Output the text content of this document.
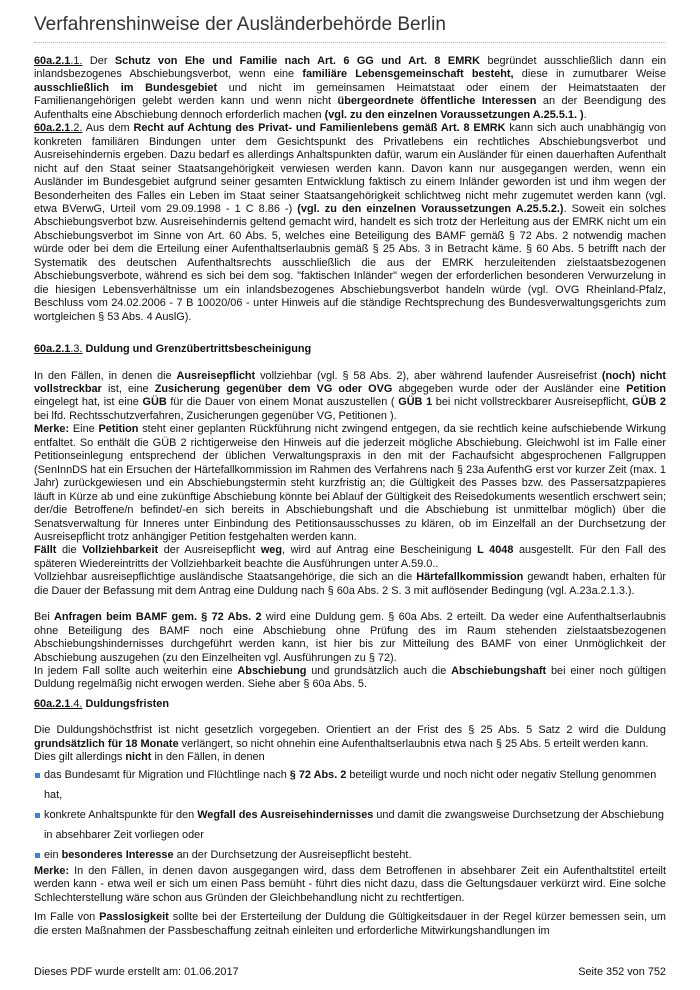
Verfahrenshinweise der Ausländerbehörde Berlin

60a.2.1.1. Der Schutz von Ehe und Familie nach Art. 6 GG und Art. 8 EMRK begründet ausschließlich dann ein inlandsbezogenes Abschiebungsverbot, wenn eine familiäre Lebensgemeinschaft besteht, diese in zumutbarer Weise ausschließlich im Bundesgebiet und nicht im gemeinsamen Heimatstaat oder einem der Heimatstaaten der Familienangehörigen gelebt werden kann und wenn nicht übergeordnete öffentliche Interessen an der Beendigung des Aufenthalts eine Abschiebung dennoch erforderlich machen (vgl. zu den einzelnen Voraussetzungen A.25.5.1. ).

60a.2.1.2. Aus dem Recht auf Achtung des Privat- und Familienlebens gemäß Art. 8 EMRK kann sich auch unabhängig von konkreten familiären Bindungen unter dem Gesichtspunkt des Privatlebens ein rechtliches Abschiebungsverbot und Ausreisehindernis ergeben. Dazu bedarf es allerdings Anhaltspunkten dafür, warum ein Ausländer für einen dauerhaften Aufenthalt nicht auf den Staat seiner Staatsangehörigkeit verwiesen werden kann. Davon kann nur ausgegangen werden, wenn ein Ausländer im Bundesgebiet aufgrund seiner gesamten Entwicklung faktisch zu einem Inländer geworden ist und ihm wegen der Besonderheiten des Falles ein Leben im Staat seiner Staatsangehörigkeit schlichtweg nicht mehr zugemutet werden kann (vgl. etwa BVerwG, Urteil vom 29.09.1998 - 1 C 8.86 -) (vgl. zu den einzelnen Voraussetzungen A.25.5.2.). Soweit ein solches Abschiebungsverbot bzw. Ausreisehindernis geltend gemacht wird, handelt es sich trotz der Herleitung aus der EMRK nicht um ein Abschiebungsverbot im Sinne von Art. 60 Abs. 5, welches eine Beteiligung des BAMF gemäß § 72 Abs. 2 notwendig machen würde oder bei dem die Erteilung einer Aufenthaltserlaubnis gemäß § 25 Abs. 3 in Betracht käme. § 60 Abs. 5 betrifft nach der Systematik des deutschen Aufenthaltsrechts ausschließlich die aus der EMRK herzuleitenden zielstaatsbezogenen Abschiebungsverbote, während es sich bei dem sog. "faktischen Inländer" wegen der erforderlichen besonderen Verwurzelung in die hiesigen Lebensverhältnisse um ein inlandsbezogenes Abschiebungsverbot handeln würde (vgl. OVG Rheinland-Pfalz, Beschluss vom 24.02.2006 - 7 B 10020/06 - unter Hinweis auf die ständige Rechtsprechung des Bundesverwaltungsgerichts zum wortgleichen § 53 Abs. 4 AuslG).

60a.2.1.3. Duldung und Grenzübertrittsbescheinigung

In den Fällen, in denen die Ausreisepflicht vollziehbar (vgl. § 58 Abs. 2), aber während laufender Ausreisefrist (noch) nicht vollstreckbar ist, eine Zusicherung gegenüber dem VG oder OVG abgegeben wurde oder der Ausländer eine Petition eingelegt hat, ist eine GÜB für die Dauer von einem Monat auszustellen ( GÜB 1 bei nicht vollstreckbarer Ausreisepflicht, GÜB 2 bei lfd. Rechtsschutzverfahren, Zusicherungen gegenüber VG, Petitionen ).

Merke: Eine Petition steht einer geplanten Rückführung nicht zwingend entgegen, da sie rechtlich keine aufschiebende Wirkung entfaltet. So enthält die GÜB 2 richtigerweise den Hinweis auf die jederzeit mögliche Abschiebung. Gleichwohl ist im Falle einer Petitionseinlegung entsprechend der üblichen Verwaltungspraxis in den mit der Fachaufsicht abgesprochenen Fallgruppen (SenInnDS hat ein Ersuchen der Härtefallkommission im Rahmen des Verfahrens nach § 23a AufenthG erst vor kurzer Zeit (max. 1 Jahr) zurückgewiesen und ein Abschiebungstermin steht kurzfristig an; die Gültigkeit des Passes bzw. des Passersatzpapieres läuft in Kürze ab und eine zukünftige Abschiebung könnte bei Ablauf der Gültigkeit des Reisedokuments wesentlich erschwert sein; der/die Betroffene/n befindet/-en sich bereits in Abschiebungshaft und die Abschiebung ist unmittelbar möglich) über die Senatsverwaltung für Inneres unter Einbindung des Petitionsausschusses zu klären, ob im Einzelfall an der Durchsetzung der Ausreisepflicht trotz anhängiger Petition festgehalten werden kann.

Fällt die Vollziehbarkeit der Ausreisepflicht weg, wird auf Antrag eine Bescheinigung L 4048 ausgestellt. Für den Fall des späteren Wiedereintritts der Vollziehbarkeit beachte die Ausführungen unter A.59.0..

Vollziehbar ausreisepflichtige ausländische Staatsangehörige, die sich an die Härtefallkommission gewandt haben, erhalten für die Dauer der Befassung mit dem Antrag eine Duldung nach § 60a Abs. 2 S. 3 mit auflösender Bedingung (vgl. A.23a.2.1.3.).

Bei Anfragen beim BAMF gem. § 72 Abs. 2 wird eine Duldung gem. § 60a Abs. 2 erteilt. Da weder eine Aufenthaltserlaubnis ohne Beteiligung des BAMF noch eine Abschiebung ohne Prüfung des im Raum stehenden zielstaatsbezogenen Abschiebungshindernisses durchgeführt werden kann, ist hier bis zur Mitteilung des BAMF von einer Unmöglichkeit der Abschiebung auszugehen (zu den Einzelheiten vgl. Ausführungen zu § 72).

In jedem Fall sollte auch weiterhin eine Abschiebung und grundsätzlich auch die Abschiebungshaft bei einer noch gültigen Duldung regelmäßig nicht erwogen werden. Siehe aber § 60a Abs. 5.

60a.2.1.4. Duldungsfristen

Die Duldungshöchstfrist ist nicht gesetzlich vorgegeben. Orientiert an der Frist des § 25 Abs. 5 Satz 2 wird die Duldung grundsätzlich für 18 Monate verlängert, so nicht ohnehin eine Aufenthaltserlaubnis etwa nach § 25 Abs. 5 erteilt werden kann.

Dies gilt allerdings nicht in den Fällen, in denen

das Bundesamt für Migration und Flüchtlinge nach § 72 Abs. 2 beteiligt wurde und noch nicht oder negativ Stellung genommen hat,
konkrete Anhaltspunkte für den Wegfall des Ausreisehindernisses und damit die zwangsweise Durchsetzung der Abschiebung in absehbarer Zeit vorliegen oder
ein besonderes Interesse an der Durchsetzung der Ausreisepflicht besteht.

Merke: In den Fällen, in denen davon ausgegangen wird, dass dem Betroffenen in absehbarer Zeit ein Aufenthaltstitel erteilt werden kann - etwa weil er sich um einen Pass bemüht - führt dies nicht dazu, dass die Geltungsdauer verkürzt wird. Eine solche Schlechterstellung wäre schon aus Gründen der Gleichbehandlung nicht zu rechtfertigen.

Im Falle von Passlosigkeit sollte bei der Ersterteilung der Duldung die Gültigkeitsdauer in der Regel kürzer bemessen sein, um die ersten Maßnahmen der Passbeschaffung zeitnah einleiten und erforderliche Mitwirkungshandlungen im

Dieses PDF wurde erstellt am: 01.06.2017	Seite 352 von 752
